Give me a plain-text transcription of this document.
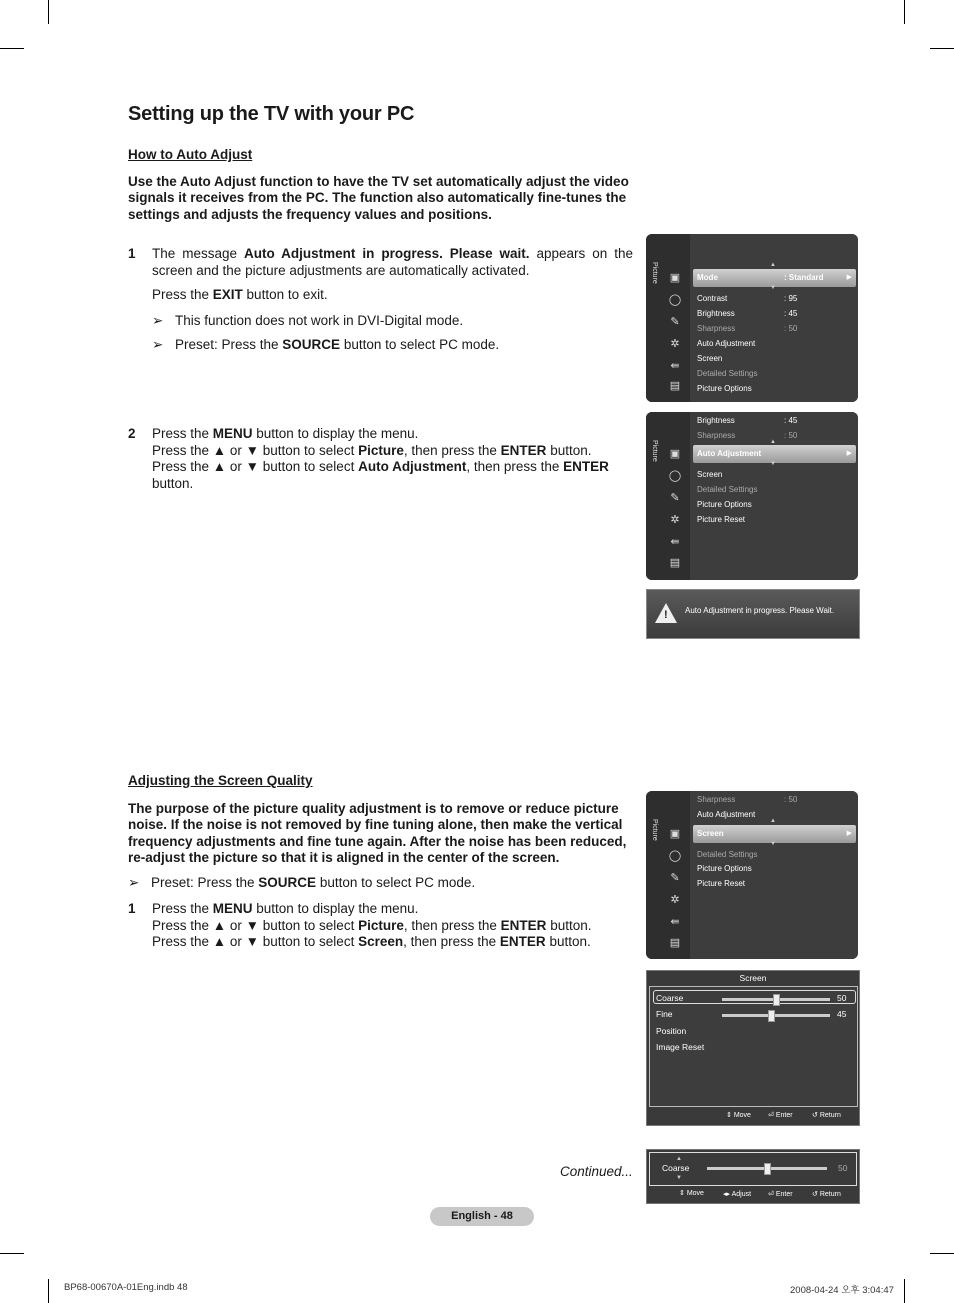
Setting up the TV with your PC
How to Auto Adjust
Use the Auto Adjust function to have the TV set automatically adjust the video signals it receives from the PC. The function also automatically fine-tunes the settings and adjusts the frequency values and positions.
1 The message Auto Adjustment in progress. Please wait. appears on the screen and the picture adjustments are automatically activated.
Press the EXIT button to exit.
➢ This function does not work in DVI-Digital mode.
➢ Preset: Press the SOURCE button to select PC mode.
2 Press the MENU button to display the menu.
Press the ▲ or ▼ button to select Picture, then press the ENTER button.
Press the ▲ or ▼ button to select Auto Adjustment, then press the ENTER
button.
Adjusting the Screen Quality
The purpose of the picture quality adjustment is to remove or reduce picture noise. If the noise is not removed by fine tuning alone, then make the vertical frequency adjustments and fine tune again. After the noise has been reduced, re-adjust the picture so that it is aligned in the center of the screen.
➢ Preset: Press the SOURCE button to select PC mode.
1 Press the MENU button to display the menu.
Press the ▲ or ▼ button to select Picture, then press the ENTER button.
Press the ▲ or ▼ button to select Screen, then press the ENTER button.
Picture ▣
◯
✎
✲
⇚
▤
▲
Mode	: Standard	▶
▼
Contrast	: 95
Brightness	: 45
Sharpness	: 50
Auto Adjustment
Screen
Detailed Settings
Picture Options
Picture ▣
◯
✎
✲
⇚
▤
Brightness	: 45
Sharpness	: 50
▲
Auto Adjustment	▶
▼
Screen
Detailed Settings
Picture Options
Picture Reset
! Auto Adjustment in progress. Please Wait.
Picture ▣
◯
✎
✲
⇚
▤
Sharpness	: 50
Auto Adjustment
▲
Screen	▶
▼
Detailed Settings
Picture Options
Picture Reset
Screen
Coarse	50
Fine	45
Position
Image Reset
⇕ Move ⏎ Enter	↺ Return
▲
Coarse
▼
50
⇕ Move	◂▸ Adjust ⏎ Enter	↺ Return
Continued...
English - 48
BP68-00670A-01Eng.indb 48	2008-04-24 오후 3:04:47
